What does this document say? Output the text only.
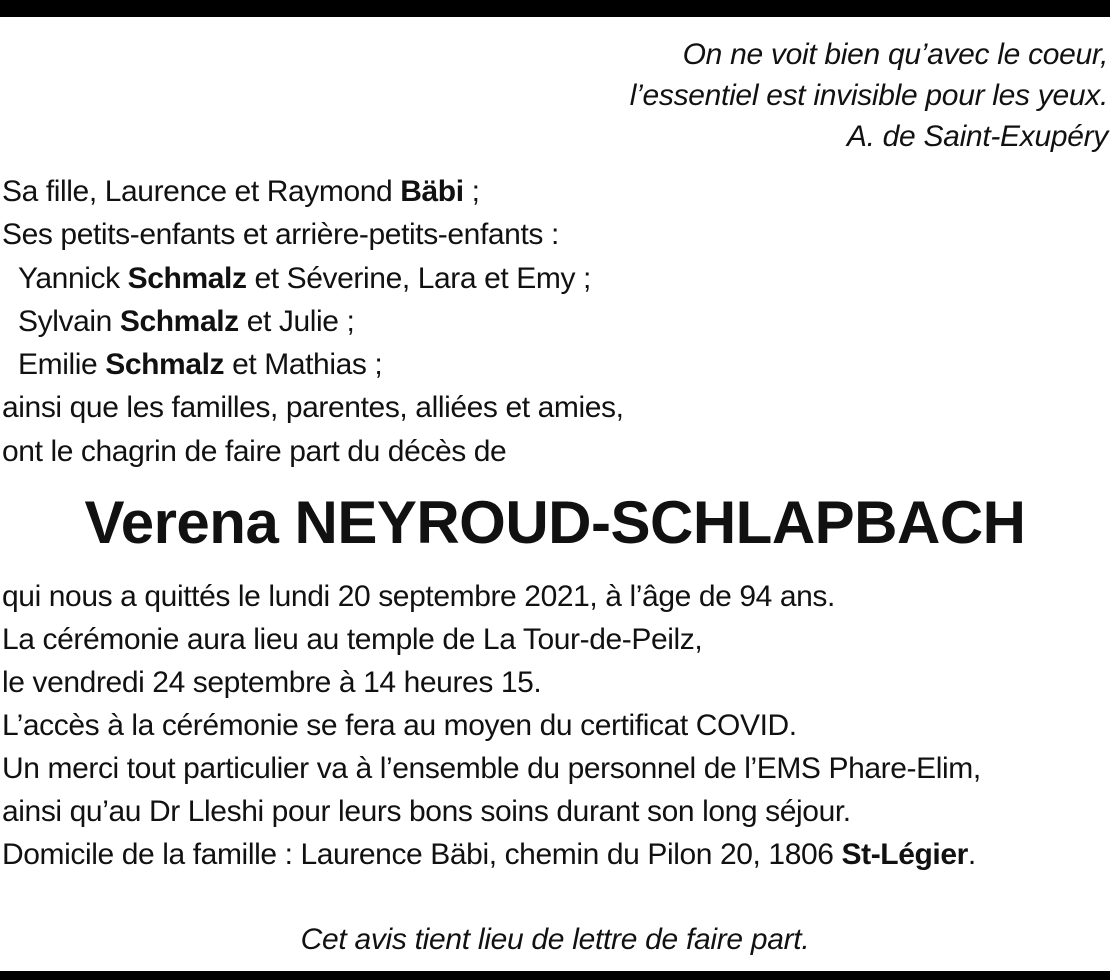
On ne voit bien qu’avec le coeur,
l’essentiel est invisible pour les yeux.
A. de Saint-Exupéry
Sa fille, Laurence et Raymond Bäbi ;
Ses petits-enfants et arrière-petits-enfants :
Yannick Schmalz et Séverine, Lara et Emy ;
Sylvain Schmalz et Julie ;
Emilie Schmalz et Mathias ;
ainsi que les familles, parentes, alliées et amies,
ont le chagrin de faire part du décès de
Verena NEYROUD-SCHLAPBACH
qui nous a quittés le lundi 20 septembre 2021, à l’âge de 94 ans.
La cérémonie aura lieu au temple de La Tour-de-Peilz,
le vendredi 24 septembre à 14 heures 15.
L’accès à la cérémonie se fera au moyen du certificat COVID.
Un merci tout particulier va à l’ensemble du personnel de l’EMS Phare-Elim,
ainsi qu’au Dr Lleshi pour leurs bons soins durant son long séjour.
Domicile de la famille : Laurence Bäbi, chemin du Pilon 20, 1806 St-Légier.
Cet avis tient lieu de lettre de faire part.
